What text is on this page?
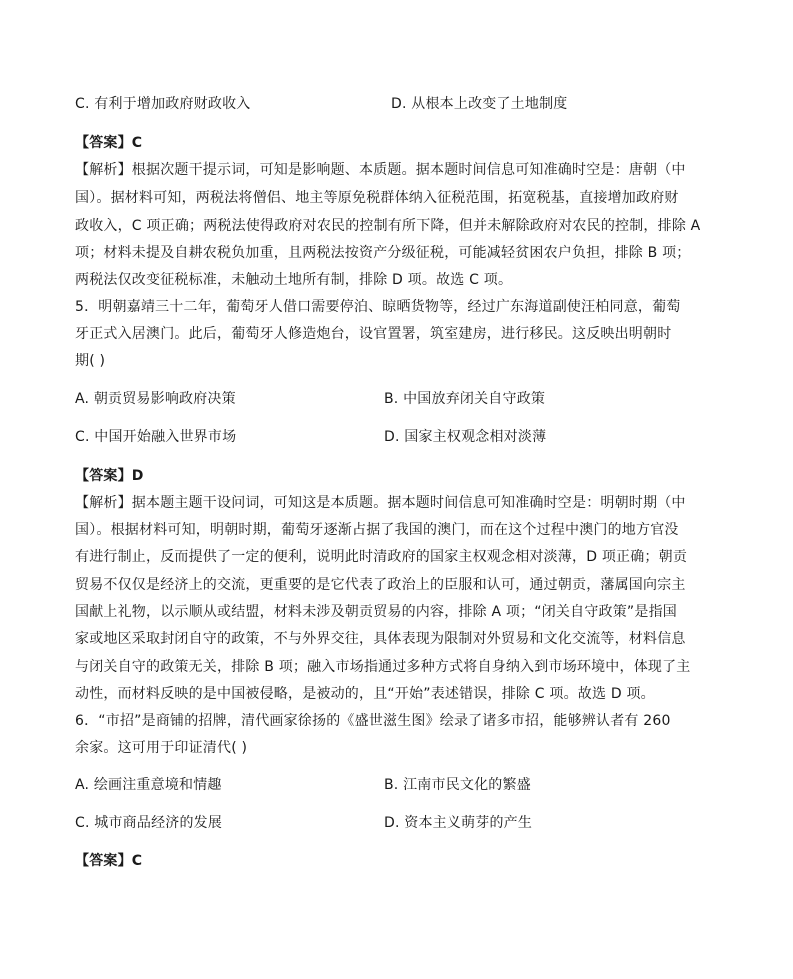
C. 有利于增加政府财政收入	D. 从根本上改变了土地制度
【答案】C
【解析】根据次题干提示词，可知是影响题、本质题。据本题时间信息可知准确时空是：唐朝（中
国）。据材料可知，两税法将僧侣、地主等原免税群体纳入征税范围，拓宽税基，直接增加政府财
政收入，C 项正确；两税法使得政府对农民的控制有所下降，但并未解除政府对农民的控制，排除 A
项；材料未提及自耕农税负加重，且两税法按资产分级征税，可能减轻贫困农户负担，排除 B 项；
两税法仅改变征税标准，未触动土地所有制，排除 D 项。故选 C 项。
5．明朝嘉靖三十二年，葡萄牙人借口需要停泊、晾晒货物等，经过广东海道副使汪柏同意，葡萄
牙正式入居澳门。此后，葡萄牙人修造炮台，设官置署，筑室建房，进行移民。这反映出明朝时
期( )
A. 朝贡贸易影响政府决策	B. 中国放弃闭关自守政策
C. 中国开始融入世界市场	D. 国家主权观念相对淡薄
【答案】D
【解析】据本题主题干设问词，可知这是本质题。据本题时间信息可知准确时空是：明朝时期（中
国）。根据材料可知，明朝时期，葡萄牙逐渐占据了我国的澳门，而在这个过程中澳门的地方官没
有进行制止，反而提供了一定的便利，说明此时清政府的国家主权观念相对淡薄，D 项正确；朝贡
贸易不仅仅是经济上的交流，更重要的是它代表了政治上的臣服和认可，通过朝贡，藩属国向宗主
国献上礼物，以示顺从或结盟，材料未涉及朝贡贸易的内容，排除 A 项；“闭关自守政策”是指国
家或地区采取封闭自守的政策，不与外界交往，具体表现为限制对外贸易和文化交流等，材料信息
与闭关自守的政策无关，排除 B 项；融入市场指通过多种方式将自身纳入到市场环境中，体现了主
动性，而材料反映的是中国被侵略，是被动的，且“开始”表述错误，排除 C 项。故选 D 项。
6．“市招”是商铺的招牌，清代画家徐扬的《盛世滋生图》绘录了诸多市招，能够辨认者有 260
余家。这可用于印证清代( )
A. 绘画注重意境和情趣	B. 江南市民文化的繁盛
C. 城市商品经济的发展	D. 资本主义萌芽的产生
【答案】C
